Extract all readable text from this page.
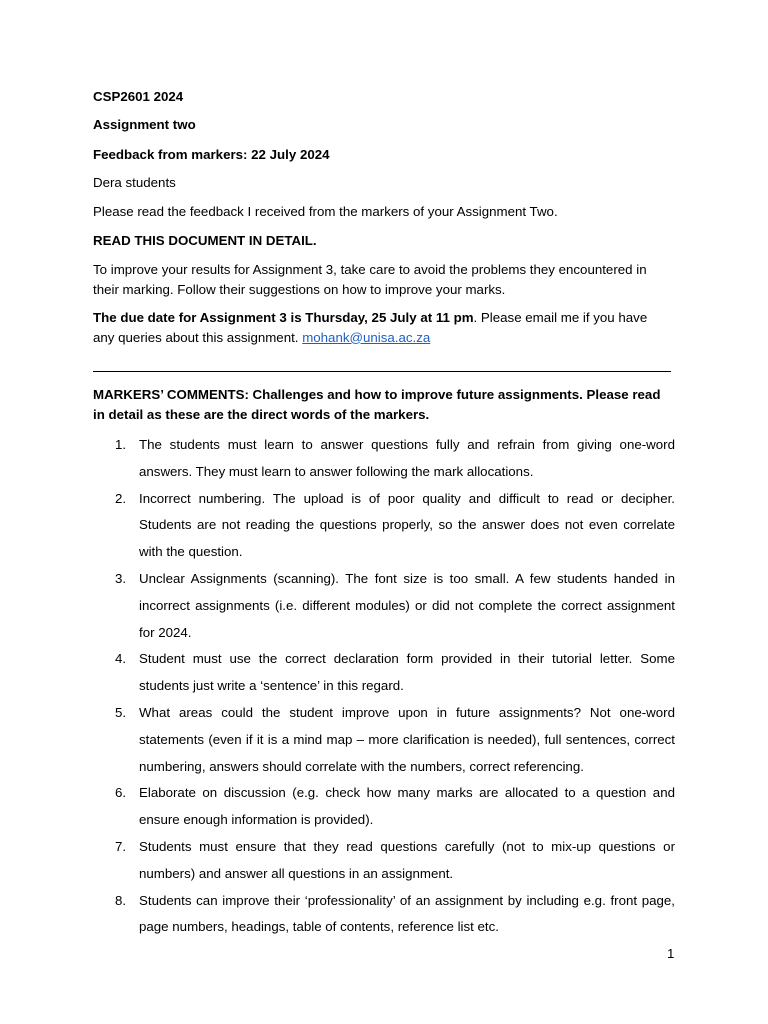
CSP2601 2024

Assignment two

Feedback from markers: 22 July 2024

Dera students

Please read the feedback I received from the markers of your Assignment Two.

READ THIS DOCUMENT IN DETAIL.

To improve your results for Assignment 3, take care to avoid the problems they encountered in their marking. Follow their suggestions on how to improve your marks.

The due date for Assignment 3 is Thursday, 25 July at 11 pm. Please email me if you have any queries about this assignment. mohank@unisa.ac.za

MARKERS’ COMMENTS: Challenges and how to improve future assignments. Please read in detail as these are the direct words of the markers.

1. The students must learn to answer questions fully and refrain from giving one-word answers. They must learn to answer following the mark allocations.
2. Incorrect numbering. The upload is of poor quality and difficult to read or decipher. Students are not reading the questions properly, so the answer does not even correlate with the question.
3. Unclear Assignments (scanning). The font size is too small. A few students handed in incorrect assignments (i.e. different modules) or did not complete the correct assignment for 2024.
4. Student must use the correct declaration form provided in their tutorial letter. Some students just write a ‘sentence’ in this regard.
5. What areas could the student improve upon in future assignments? Not one-word statements (even if it is a mind map – more clarification is needed), full sentences, correct numbering, answers should correlate with the numbers, correct referencing.
6. Elaborate on discussion (e.g. check how many marks are allocated to a question and ensure enough information is provided).
7. Students must ensure that they read questions carefully (not to mix-up questions or numbers) and answer all questions in an assignment.
8. Students can improve their ‘professionality’ of an assignment by including e.g. front page, page numbers, headings, table of contents, reference list etc.
1
